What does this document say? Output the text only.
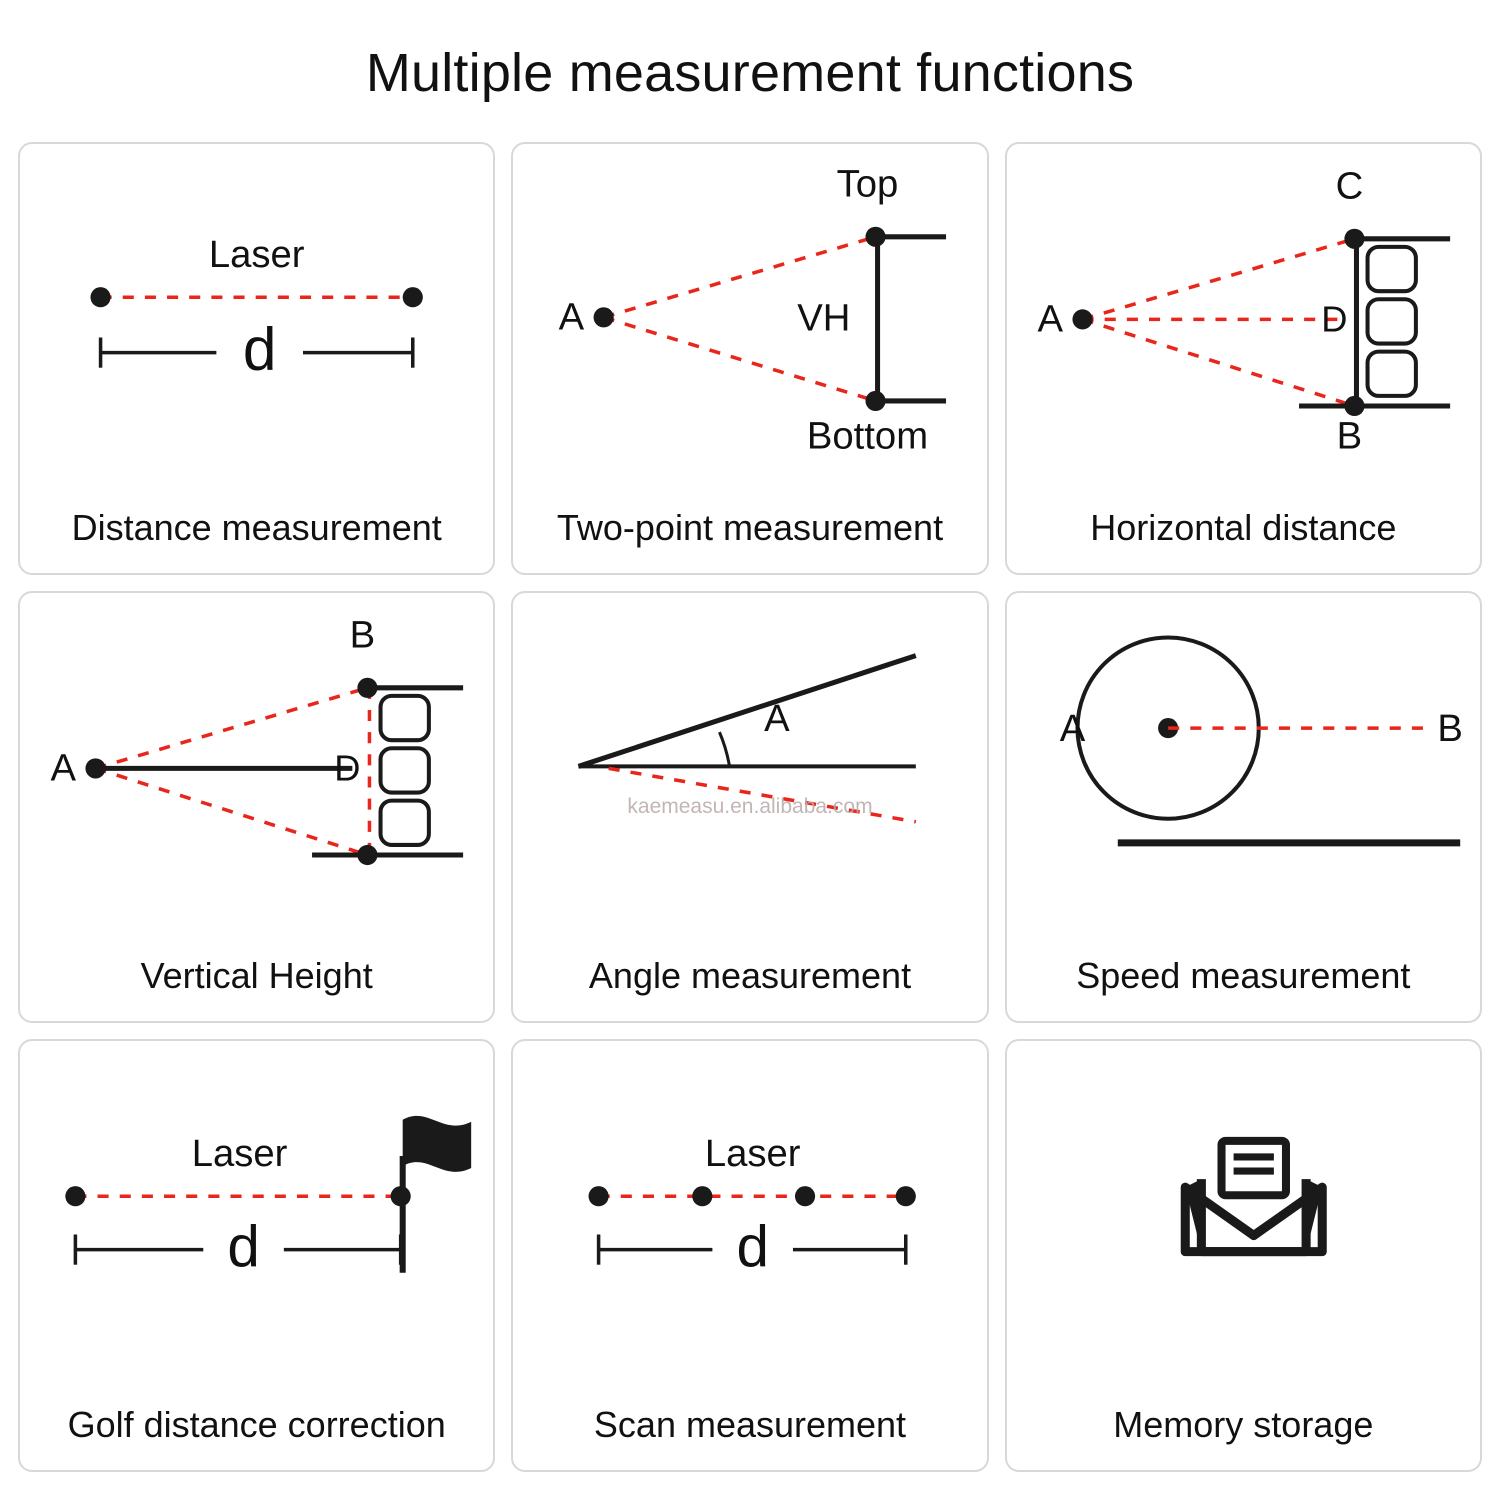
Multiple measurement functions
d
Laser
Distance measurement
A
Top
Bottom
VH
Two-point measurement
A
C
B
D
Horizontal distance
A
B
D
Vertical Height
A
kaemeasu.en.alibaba.com
Angle measurement
A	B
Speed measurement
Laser
d
Golf distance correction
Laser
d
Scan measurement	Memory storage
